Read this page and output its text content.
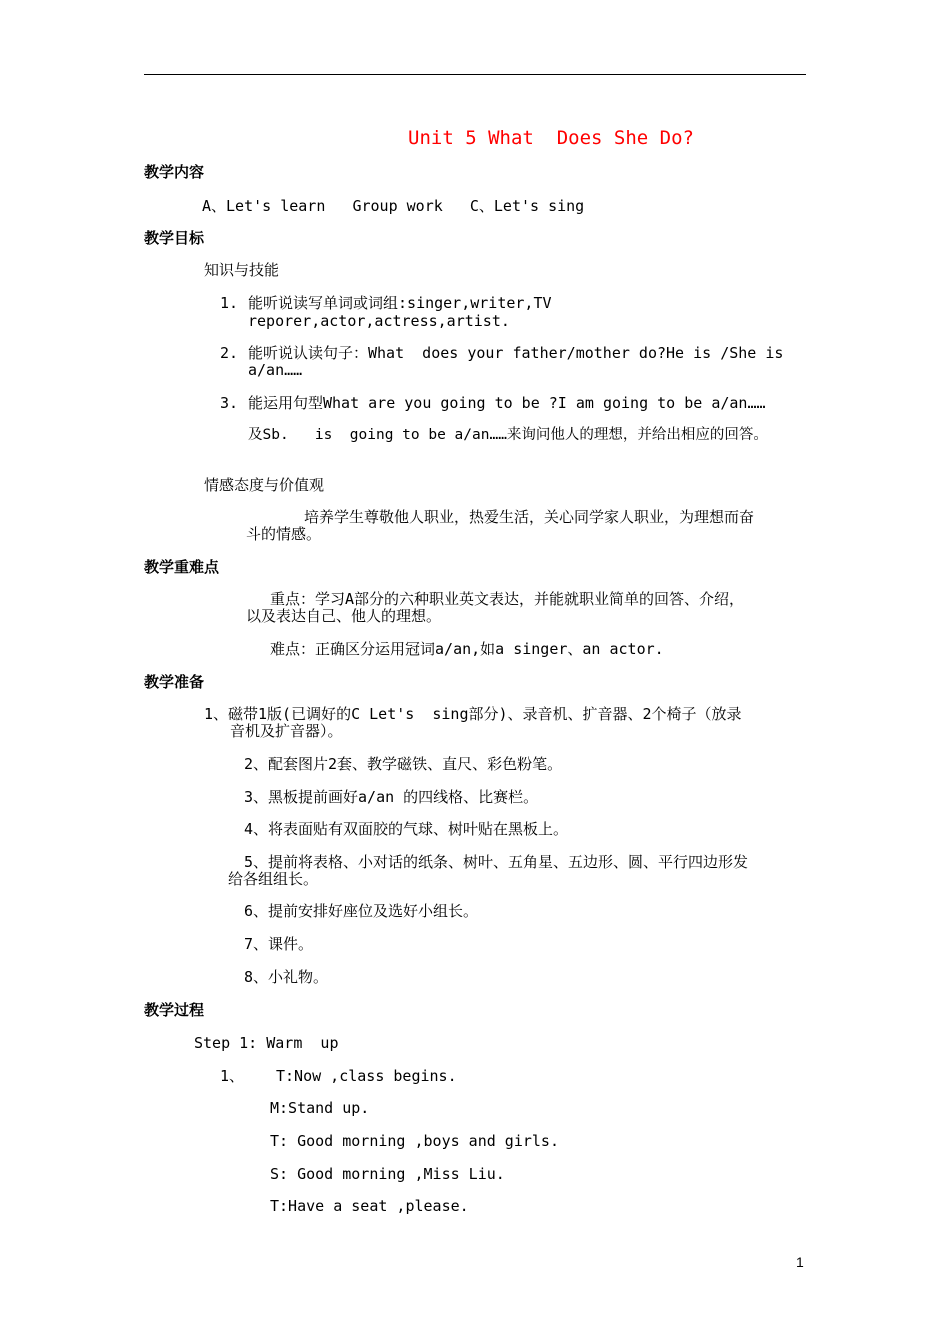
Unit 5 What  Does She Do?
教学内容
A、Let's learn   Group work   C、Let's sing
教学目标
知识与技能
1. 能听说读写单词或词组:singer,writer,TV
reporer,actor,actress,artist.
2. 能听说认读句子：What  does your father/mother do?He is /She is
a/an……
3. 能运用句型What are you going to be ?I am going to be a/an……
及Sb.   is  going to be a/an……来询问他人的理想，并给出相应的回答。
情感态度与价值观
培养学生尊敬他人职业，热爱生活，关心同学家人职业，为理想而奋
斗的情感。
教学重难点
重点：学习A部分的六种职业英文表达，并能就职业简单的回答、介绍，
以及表达自己、他人的理想。
难点：正确区分运用冠词a/an,如a singer、an actor.
教学准备
1、磁带1版(已调好的C Let's  sing部分)、录音机、扩音器、2个椅子（放录
音机及扩音器）。
2、配套图片2套、教学磁铁、直尺、彩色粉笔。
3、黑板提前画好a/an 的四线格、比赛栏。
4、将表面贴有双面胶的气球、树叶贴在黑板上。
5、提前将表格、小对话的纸条、树叶、五角星、五边形、圆、平行四边形发
给各组组长。
6、提前安排好座位及选好小组长。
7、课件。
8、小礼物。
教学过程
Step 1: Warm  up
1、 T:Now ,class begins.
M:Stand up.
T: Good morning ,boys and girls.
S: Good morning ,Miss Liu.
T:Have a seat ,please.
1
